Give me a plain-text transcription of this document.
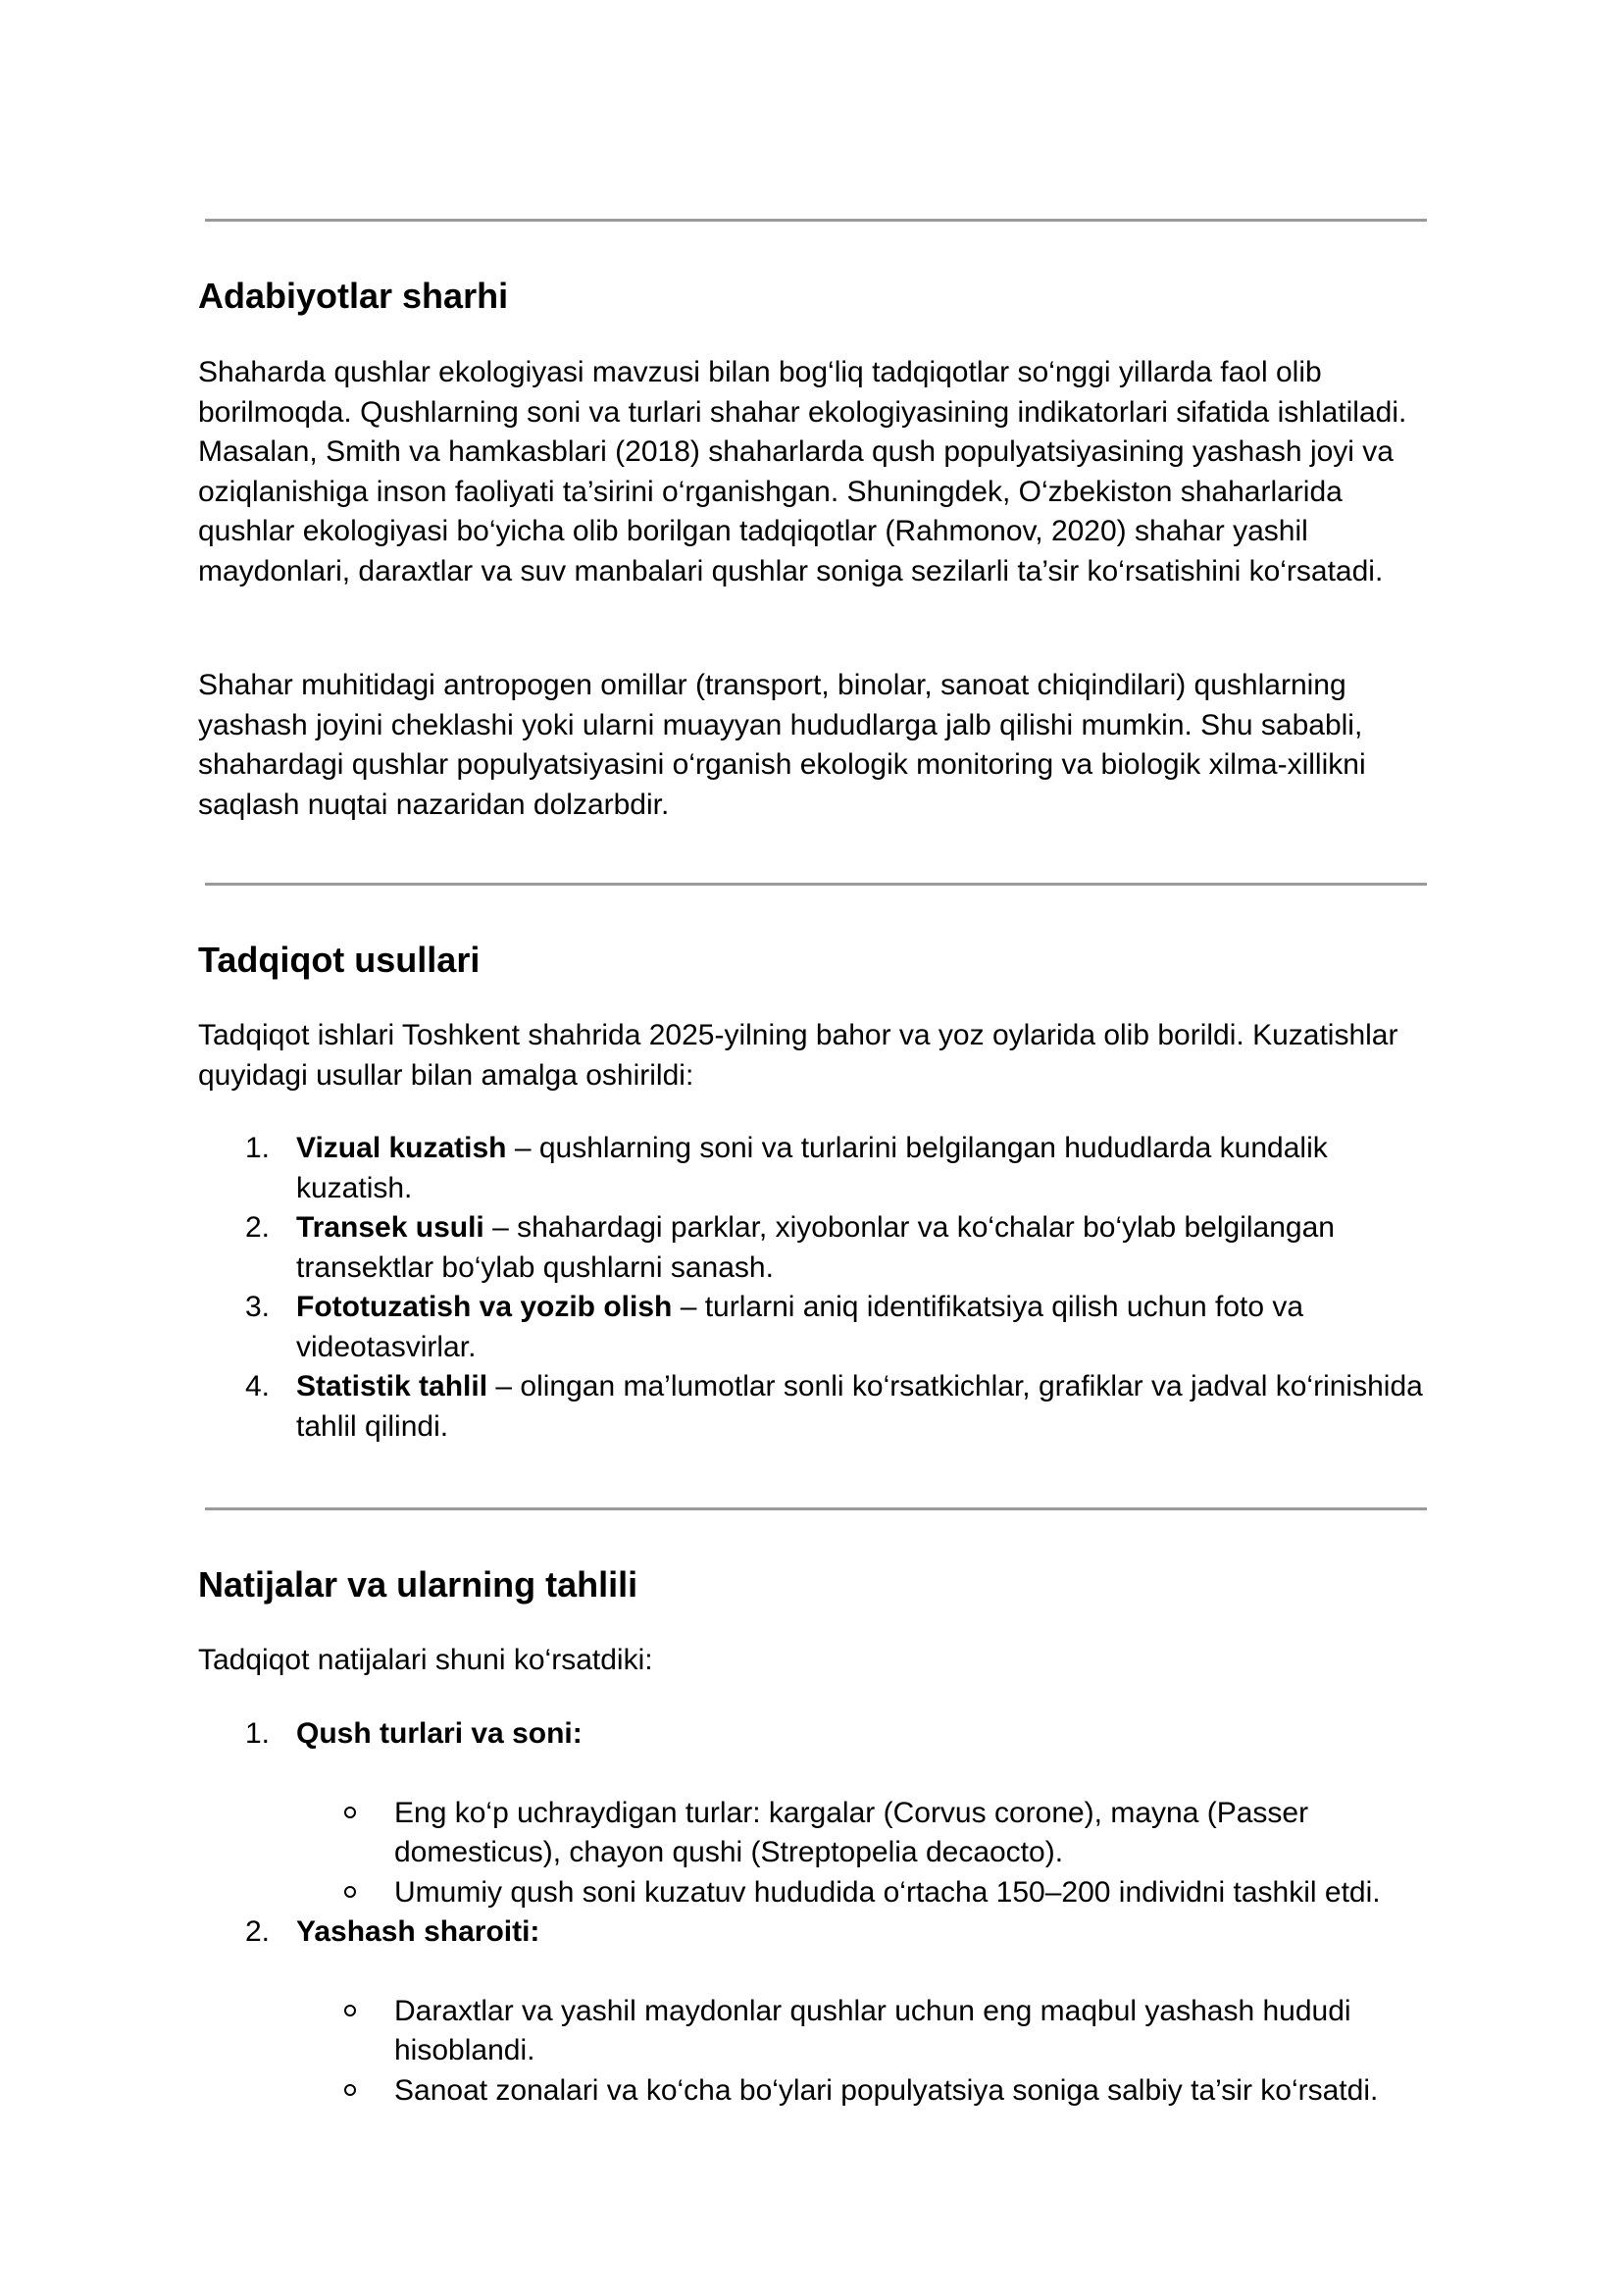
Adabiyotlar sharhi

Shaharda qushlar ekologiyasi mavzusi bilan bog‘liq tadqiqotlar so‘nggi yillarda faol olib borilmoqda. Qushlarning soni va turlari shahar ekologiyasining indikatorlari sifatida ishlatiladi. Masalan, Smith va hamkasblari (2018) shaharlarda qush populyatsiyasining yashash joyi va oziqlanishiga inson faoliyati ta’sirini o‘rganishgan. Shuningdek, O‘zbekiston shaharlarida qushlar ekologiyasi bo‘yicha olib borilgan tadqiqotlar (Rahmonov, 2020) shahar yashil maydonlari, daraxtlar va suv manbalari qushlar soniga sezilarli ta’sir ko‘rsatishini ko‘rsatadi.

Shahar muhitidagi antropogen omillar (transport, binolar, sanoat chiqindilari) qushlarning yashash joyini cheklashi yoki ularni muayyan hududlarga jalb qilishi mumkin. Shu sababli, shahardagi qushlar populyatsiyasini o‘rganish ekologik monitoring va biologik xilma-xillikni saqlash nuqtai nazaridan dolzarbdir.

Tadqiqot usullari

Tadqiqot ishlari Toshkent shahrida 2025-yilning bahor va yoz oylarida olib borildi. Kuzatishlar quyidagi usullar bilan amalga oshirildi:

1. Vizual kuzatish – qushlarning soni va turlarini belgilangan hududlarda kundalik kuzatish.
2. Transek usuli – shahardagi parklar, xiyobonlar va ko‘chalar bo‘ylab belgilangan transektlar bo‘ylab qushlarni sanash.
3. Fototuzatish va yozib olish – turlarni aniq identifikatsiya qilish uchun foto va videotasvirlar.
4. Statistik tahlil – olingan ma’lumotlar sonli ko‘rsatkichlar, grafiklar va jadval ko‘rinishida tahlil qilindi.
Natijalar va ularning tahlili

Tadqiqot natijalari shuni ko‘rsatdiki:

1. Qush turlari va soni:
Eng ko‘p uchraydigan turlar: kargalar (Corvus corone), mayna (Passer domesticus), chayon qushi (Streptopelia decaocto).
Umumiy qush soni kuzatuv hududida o‘rtacha 150–200 individni tashkil etdi.
2. Yashash sharoiti:
Daraxtlar va yashil maydonlar qushlar uchun eng maqbul yashash hududi hisoblandi.
Sanoat zonalari va ko‘cha bo‘ylari populyatsiya soniga salbiy ta’sir ko‘rsatdi.
